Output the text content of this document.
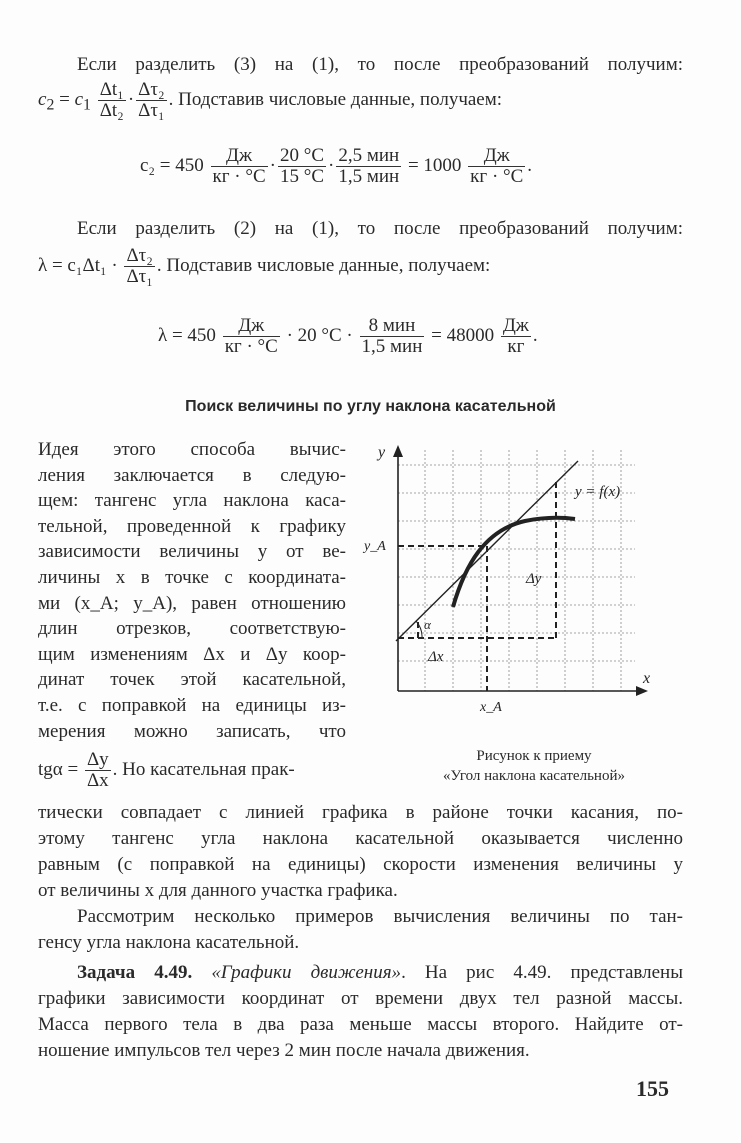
Если разделить (3) на (1), то после преобразований получим:
$c_2 = c_1 \frac{\text{Δt₁}}{\text{Δt₂}} \cdot \frac{\text{Δτ₂}}{\text{Δτ₁}}$ . Подставив числовые данные, получаем:
$c_2 = 450 \frac{Дж}{кг \cdot ^\circ С} \cdot \frac{20 ^\circ С}{15 ^\circ С} \cdot \frac{\text{2,5 мин}}{\text{1,5 мин}} = 1000 \frac{Дж}{кг \cdot ^\circ С}$ .
Если разделить (2) на (1), то после преобразований получим:
$\lambda = c_1\Delta t_1 \cdot \frac{\text{Δτ₂}}{\text{Δτ₁}}$ . Подставив числовые данные, получаем:
$\lambda = 450 \frac{Дж}{кг \cdot ^\circ С} \cdot 20$ $^\circ С \cdot \frac{\text{8 мин}}{\text{1,5 мин}} = 48000 \frac{Дж}{кг}$ .
Поиск величины по углу наклона касательной
Идея этого способа вычис-
ления заключается в следую-
щем: тангенс угла наклона каса-
тельной, проведенной к графику
зависимости величины y от ве-
личины x в точке с координата-
ми (x_A; y_A), равен отношению
длин отрезков, соответствую-
щим изменениям Δx и Δy коор-
динат точек этой касательной,
т.е. с поправкой на единицы из-
мерения можно записать, что
$tg\alpha = \frac{\Delta y}{\Delta x}$ . Но касательная прак-
y
x
y = f(x)
y_A
x_A
Δy
Δx
α
Рисунок к приему
«Угол наклона касательной»
тически совпадает с линией графика в районе точки касания, по-
этому тангенс угла наклона касательной оказывается численно
равным (с поправкой на единицы) скорости изменения величины y
от величины x для данного участка графика.
Рассмотрим несколько примеров вычисления величины по тан-
генсу угла наклона касательной.
Задача 4.49. «Графики движения». На рис 4.49. представлены
графики зависимости координат от времени двух тел разной массы.
Масса первого тела в два раза меньше массы второго. Найдите от-
ношение импульсов тел через 2 мин после начала движения.
155
